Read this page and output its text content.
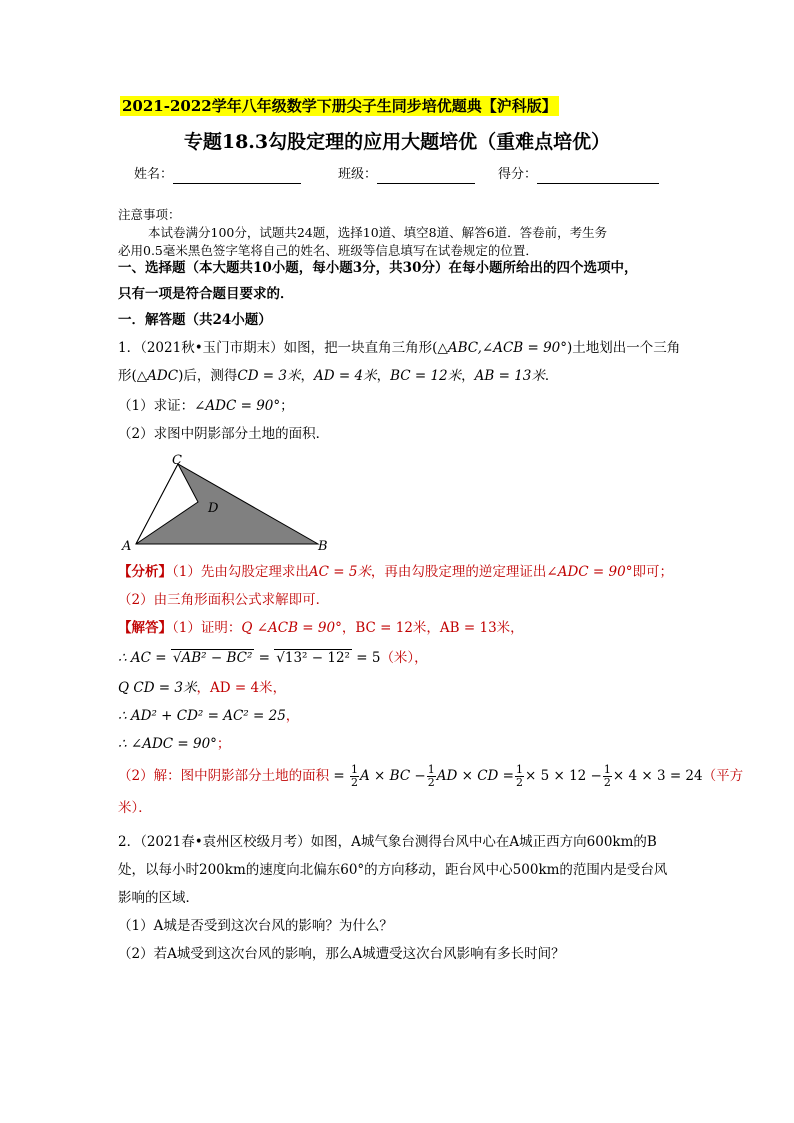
2021-2022学年八年级数学下册尖子生同步培优题典【沪科版】
专题18.3勾股定理的应用大题培优（重难点培优）
姓名：	班级：	得分：
注意事项：
本试卷满分100分，试题共24题，选择10道、填空8道、解答6道．答卷前，考生务
必用0.5毫米黑色签字笔将自己的姓名、班级等信息填写在试卷规定的位置．
一、选择题（本大题共10小题，每小题3分，共30分）在每小题所给出的四个选项中，
只有一项是符合题目要求的．
一．解答题（共24小题）
1．（2021秋•玉门市期末）如图，把一块直角三角形(△ABC,∠ACB = 90°)土地划出一个三角
形(△ADC)后，测得CD = 3米，AD = 4米，BC = 12米，AB = 13米．
（1）求证：∠ADC = 90°；
（2）求图中阴影部分土地的面积．
C
D
A	B
【分析】（1）先由勾股定理求出AC = 5米，再由勾股定理的逆定理证出∠ADC = 90°即可；
（2）由三角形面积公式求解即可．
【解答】（1）证明：Q ∠ACB = 90°，BC = 12米，AB = 13米，
∴ AC = √AB² − BC² = √13² − 12² = 5（米），
Q CD = 3米，AD = 4米，
∴ AD² + CD² = AC² = 25，
∴ ∠ADC = 90°；
（2）解：图中阴影部分土地的面积 = $\frac{1}{2}$ A × BC − $\frac{1}{2}$ AD × CD = $\frac{1}{2} \times 5 \times 12 - \frac{1}{2} \times 4 \times 3 = 24$（平方
米）．
2．（2021春•袁州区校级月考）如图，A城气象台测得台风中心在A城正西方向600km的B
处，以每小时200km的速度向北偏东60°的方向移动，距台风中心500km的范围内是受台风
影响的区域．
（1）A城是否受到这次台风的影响？为什么？
（2）若A城受到这次台风的影响，那么A城遭受这次台风影响有多长时间？
